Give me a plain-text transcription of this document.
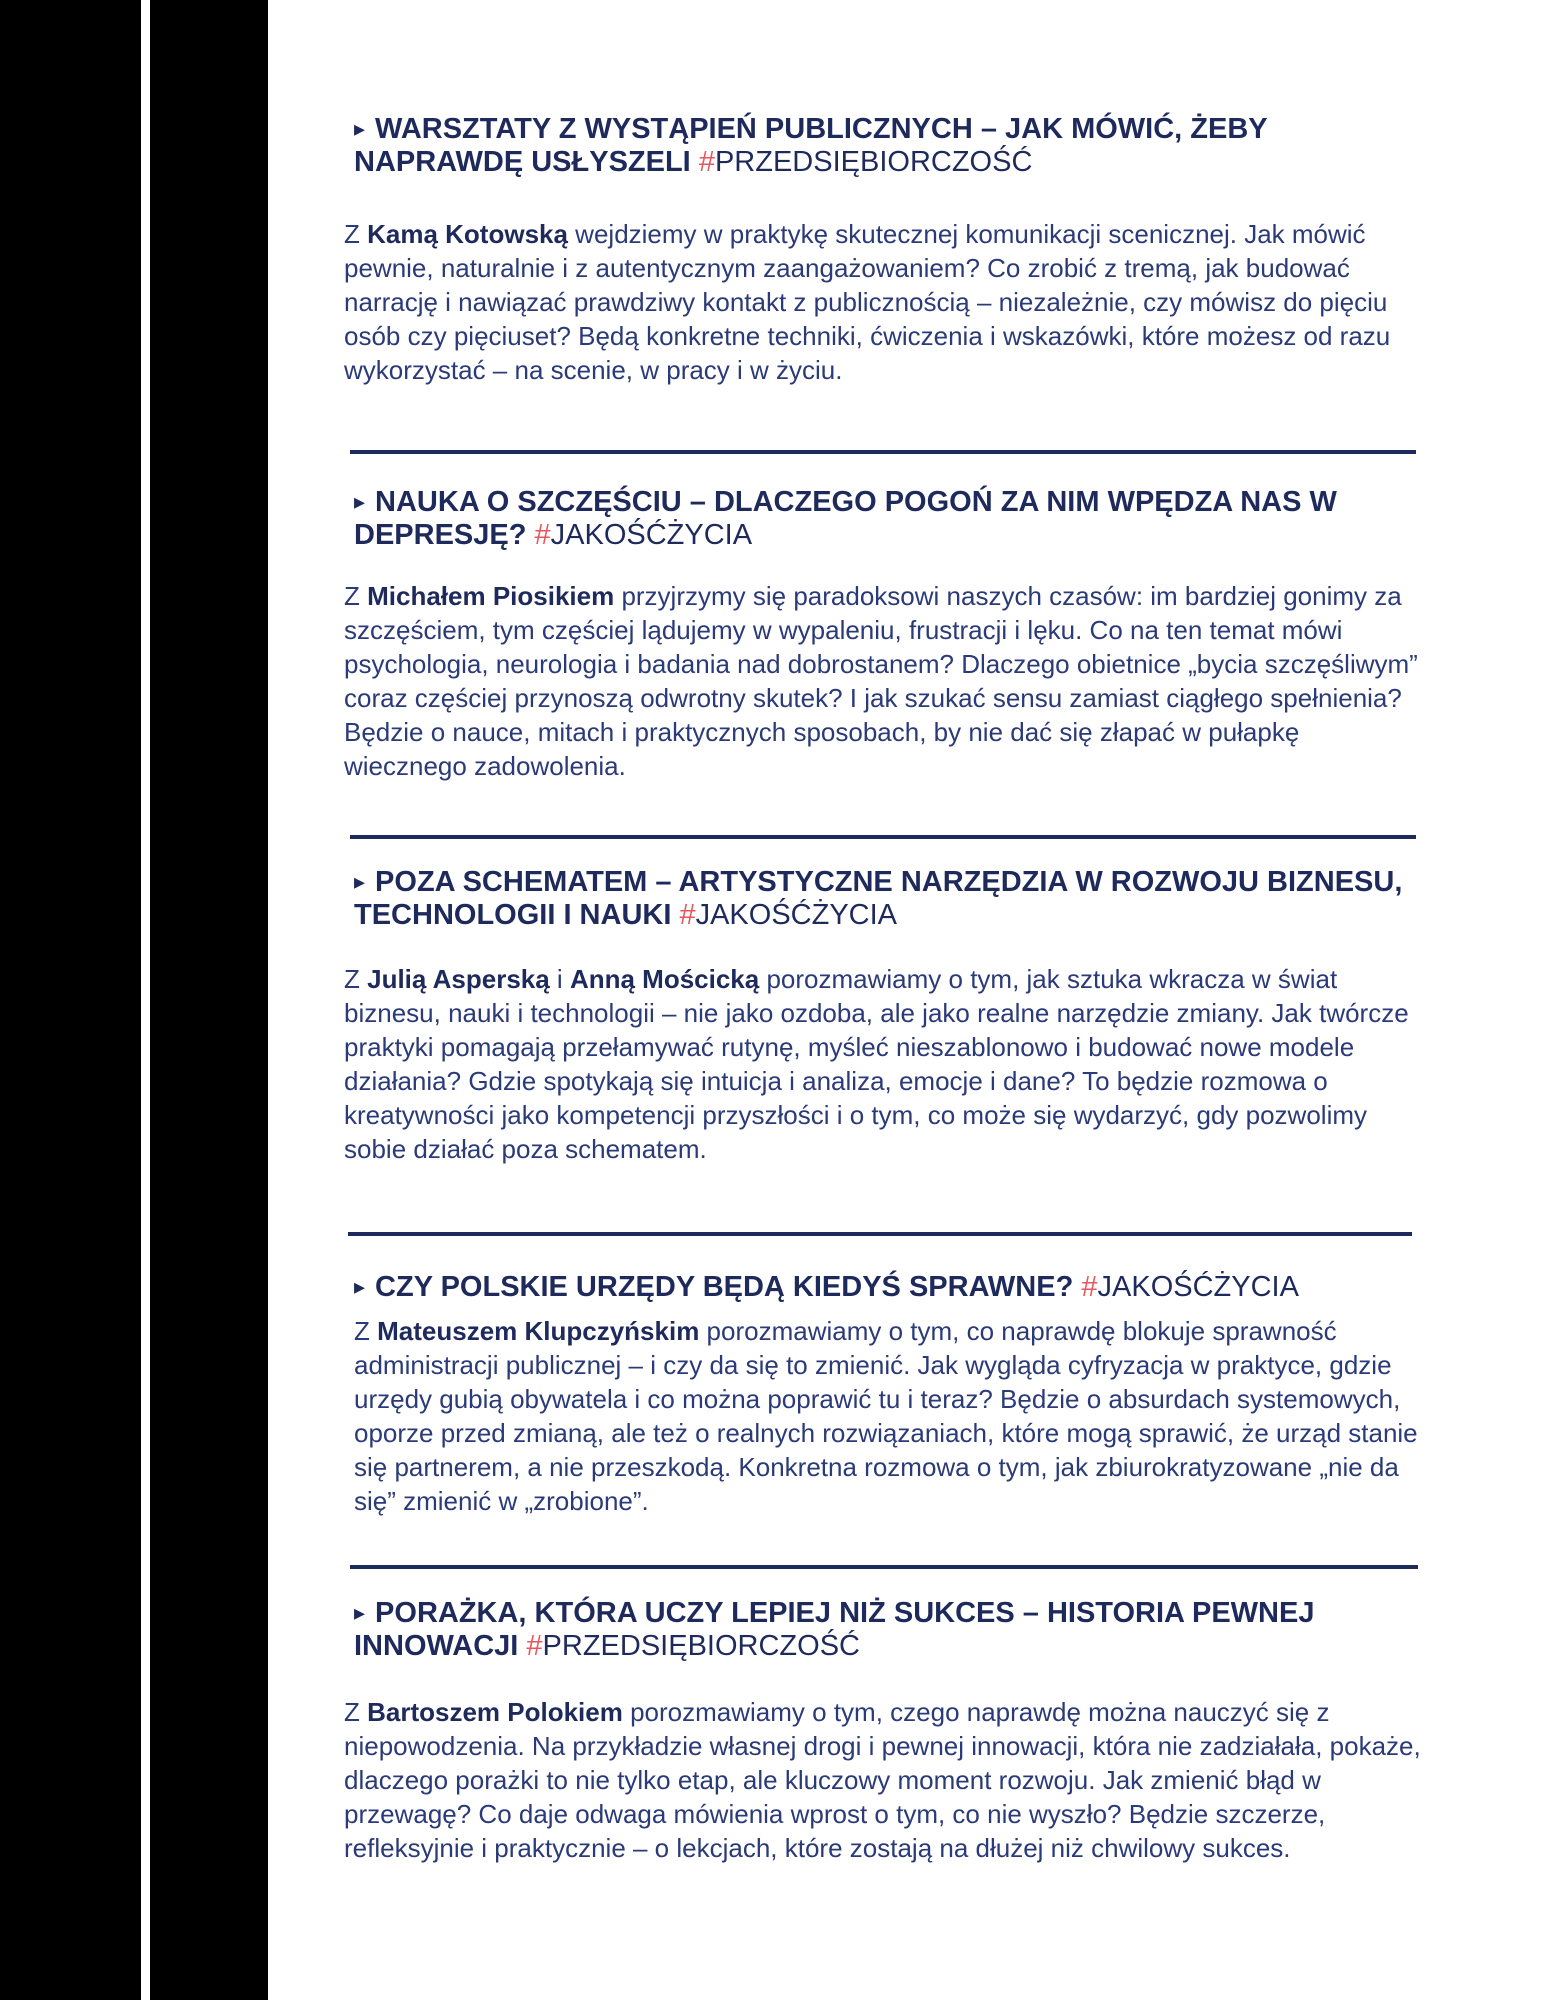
▸ WARSZTATY Z WYSTĄPIEŃ PUBLICZNYCH – JAK MÓWIĆ, ŻEBY NAPRAWDĘ USŁYSZELI #PRZEDSIĘBIORCZOŚĆ

Z Kamą Kotowską wejdziemy w praktykę skutecznej komunikacji scenicznej. Jak mówić pewnie, naturalnie i z autentycznym zaangażowaniem? Co zrobić z tremą, jak budować narrację i nawiązać prawdziwy kontakt z publicznością – niezależnie, czy mówisz do pięciu osób czy pięciuset? Będą konkretne techniki, ćwiczenia i wskazówki, które możesz od razu wykorzystać – na scenie, w pracy i w życiu.

▸ NAUKA O SZCZĘŚCIU – DLACZEGO POGOŃ ZA NIM WPĘDZA NAS W DEPRESJĘ? #JAKOŚĆŻYCIA

Z Michałem Piosikiem przyjrzymy się paradoksowi naszych czasów: im bardziej gonimy za szczęściem, tym częściej lądujemy w wypaleniu, frustracji i lęku. Co na ten temat mówi psychologia, neurologia i badania nad dobrostanem? Dlaczego obietnice „bycia szczęśliwym” coraz częściej przynoszą odwrotny skutek? I jak szukać sensu zamiast ciągłego spełnienia? Będzie o nauce, mitach i praktycznych sposobach, by nie dać się złapać w pułapkę wiecznego zadowolenia.

▸ POZA SCHEMATEM – ARTYSTYCZNE NARZĘDZIA W ROZWOJU BIZNESU, TECHNOLOGII I NAUKI #JAKOŚĆŻYCIA

Z Julią Asperską i Anną Mościcką porozmawiamy o tym, jak sztuka wkracza w świat biznesu, nauki i technologii – nie jako ozdoba, ale jako realne narzędzie zmiany. Jak twórcze praktyki pomagają przełamywać rutynę, myśleć nieszablonowo i budować nowe modele działania? Gdzie spotykają się intuicja i analiza, emocje i dane? To będzie rozmowa o kreatywności jako kompetencji przyszłości i o tym, co może się wydarzyć, gdy pozwolimy sobie działać poza schematem.

▸ CZY POLSKIE URZĘDY BĘDĄ KIEDYŚ SPRAWNE? #JAKOŚĆŻYCIA

Z Mateuszem Klupczyńskim porozmawiamy o tym, co naprawdę blokuje sprawność administracji publicznej – i czy da się to zmienić. Jak wygląda cyfryzacja w praktyce, gdzie urzędy gubią obywatela i co można poprawić tu i teraz? Będzie o absurdach systemowych, oporze przed zmianą, ale też o realnych rozwiązaniach, które mogą sprawić, że urząd stanie się partnerem, a nie przeszkodą. Konkretna rozmowa o tym, jak zbiurokratyzowane „nie da się” zmienić w „zrobione”.

▸ PORAŻKA, KTÓRA UCZY LEPIEJ NIŻ SUKCES – HISTORIA PEWNEJ INNOWACJI #PRZEDSIĘBIORCZOŚĆ

Z Bartoszem Polokiem porozmawiamy o tym, czego naprawdę można nauczyć się z niepowodzenia. Na przykładzie własnej drogi i pewnej innowacji, która nie zadziałała, pokaże, dlaczego porażki to nie tylko etap, ale kluczowy moment rozwoju. Jak zmienić błąd w przewagę? Co daje odwaga mówienia wprost o tym, co nie wyszło? Będzie szczerze, refleksyjnie i praktycznie – o lekcjach, które zostają na dłużej niż chwilowy sukces.
